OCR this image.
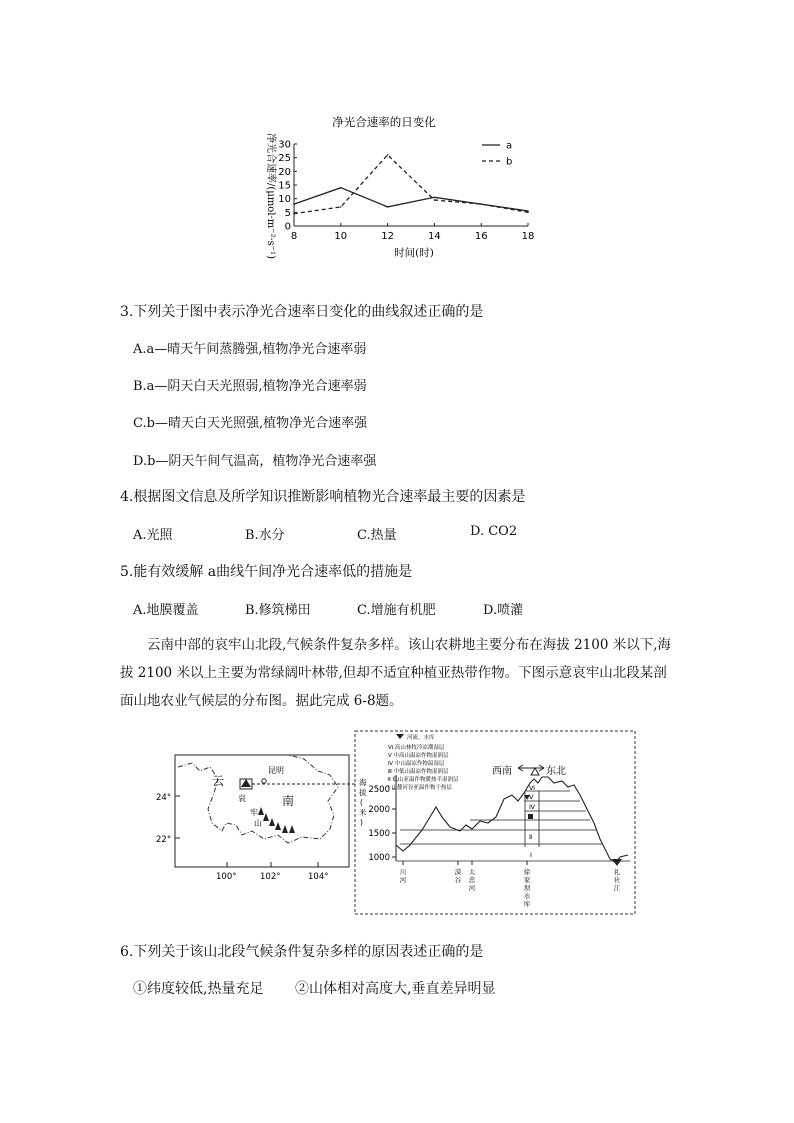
净光合速率的日变化
净光合速率/(μmol·m⁻²·s⁻¹) 0
5
10
15
20
25
30
8	10	12	14	16	18
a
b
时间(时)
3.下列关于图中表示净光合速率日变化的曲线叙述正确的是
A.a—晴天午间蒸腾强,植物净光合速率弱
B.a—阴天白天光照弱,植物净光合速率弱
C.b—晴天白天光照强,植物净光合速率强
D.b—阴天午间气温高，植物净光合速率强
4.根据图文信息及所学知识推断影响植物光合速率最主要的因素是
A.光照	B.水分	C.热量	D. CO2
5.能有效缓解 a曲线午间净光合速率低的措施是
A.地膜覆盖	B.修筑梯田	C.增施有机肥	D.喷灌
云南中部的哀牢山北段,气候条件复杂多样。该山农耕地主要分布在海拔 2100 米以下,海拔 2100 米以上主要为常绿阔叶林带,但却不适宜种植亚热带作物。下图示意哀牢山北段某剖面山地农业气候层的分布图。据此完成 6-8题。
云
南
昆明
哀
牢
山
24°
22°
100°	102°	104°
河流、水库
Ⅵ 高山林牧冷凉潮湿层
Ⅴ 中高山温凉作物湿润层
Ⅳ 中山温凉作物温湿层
Ⅲ 中低山温凉作物湿润层
Ⅱ 低山亚温作物暖热半湿润层
Ⅰ 山麓河谷亚温作物干热层
西南	东北
2500
2000
1500
1000
海
拔
(
米
)
Ⅵ
Ⅴ
Ⅳ
Ⅱ
Ⅰ
川
河
漠
谷
太
忠
河
徐
家
坝
水
库
礼
社
江
6.下列关于该山北段气候条件复杂多样的原因表述正确的是
①纬度较低,热量充足 ②山体相对高度大,垂直差异明显
